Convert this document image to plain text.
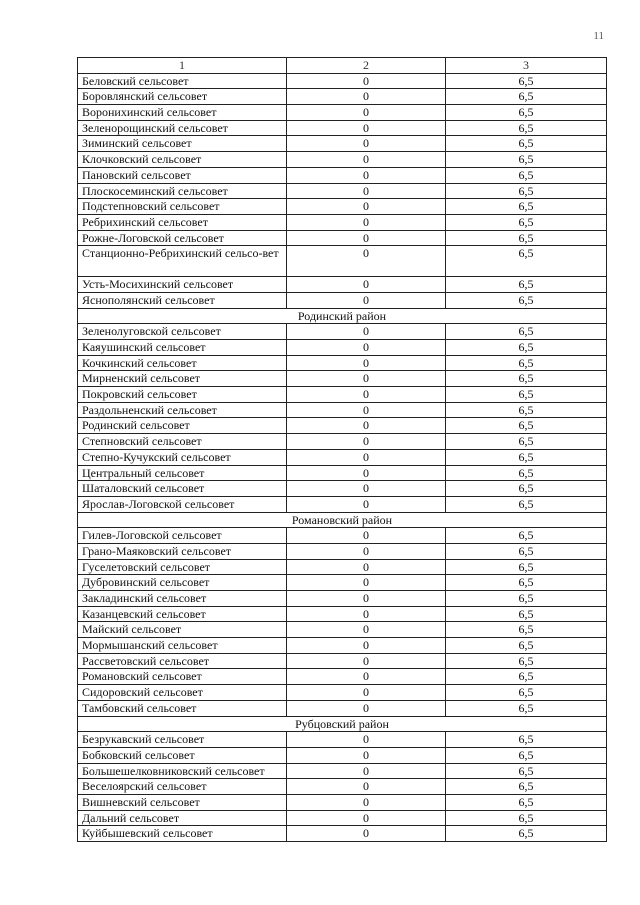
11
1	2	3
Беловский сельсовет	0	6,5
Боровлянский сельсовет	0	6,5
Воронихинский сельсовет	0	6,5
Зеленорощинский сельсовет	0	6,5
Зиминский сельсовет	0	6,5
Клочковский сельсовет	0	6,5
Пановский сельсовет	0	6,5
Плоскосеминский сельсовет	0	6,5
Подстепновский сельсовет	0	6,5
Ребрихинский сельсовет	0	6,5
Рожне-Логовской сельсовет	0	6,5
Станционно-Ребрихинский сельсо-вет	0	6,5
Усть-Мосихинский сельсовет	0	6,5
Яснополянский сельсовет	0	6,5
Родинский район		
Зеленолуговской сельсовет	0	6,5
Каяушинский сельсовет	0	6,5
Кочкинский сельсовет	0	6,5
Мирненский сельсовет	0	6,5
Покровский сельсовет	0	6,5
Раздольненский сельсовет	0	6,5
Родинский сельсовет	0	6,5
Степновский сельсовет	0	6,5
Степно-Кучукский сельсовет	0	6,5
Центральный сельсовет	0	6,5
Шаталовский сельсовет	0	6,5
Ярослав-Логовской сельсовет	0	6,5
Романовский район		
Гилев-Логовской сельсовет	0	6,5
Грано-Маяковский сельсовет	0	6,5
Гуселетовский сельсовет	0	6,5
Дубровинский сельсовет	0	6,5
Закладинский сельсовет	0	6,5
Казанцевский сельсовет	0	6,5
Майский сельсовет	0	6,5
Мормышанский сельсовет	0	6,5
Рассветовский сельсовет	0	6,5
Романовский сельсовет	0	6,5
Сидоровский сельсовет	0	6,5
Тамбовский сельсовет	0	6,5
Рубцовский район		
Безрукавский сельсовет	0	6,5
Бобковский сельсовет	0	6,5
Большешелковниковский сельсовет	0	6,5
Веселоярский сельсовет	0	6,5
Вишневский сельсовет	0	6,5
Дальний сельсовет	0	6,5
Куйбышевский сельсовет	0	6,5
